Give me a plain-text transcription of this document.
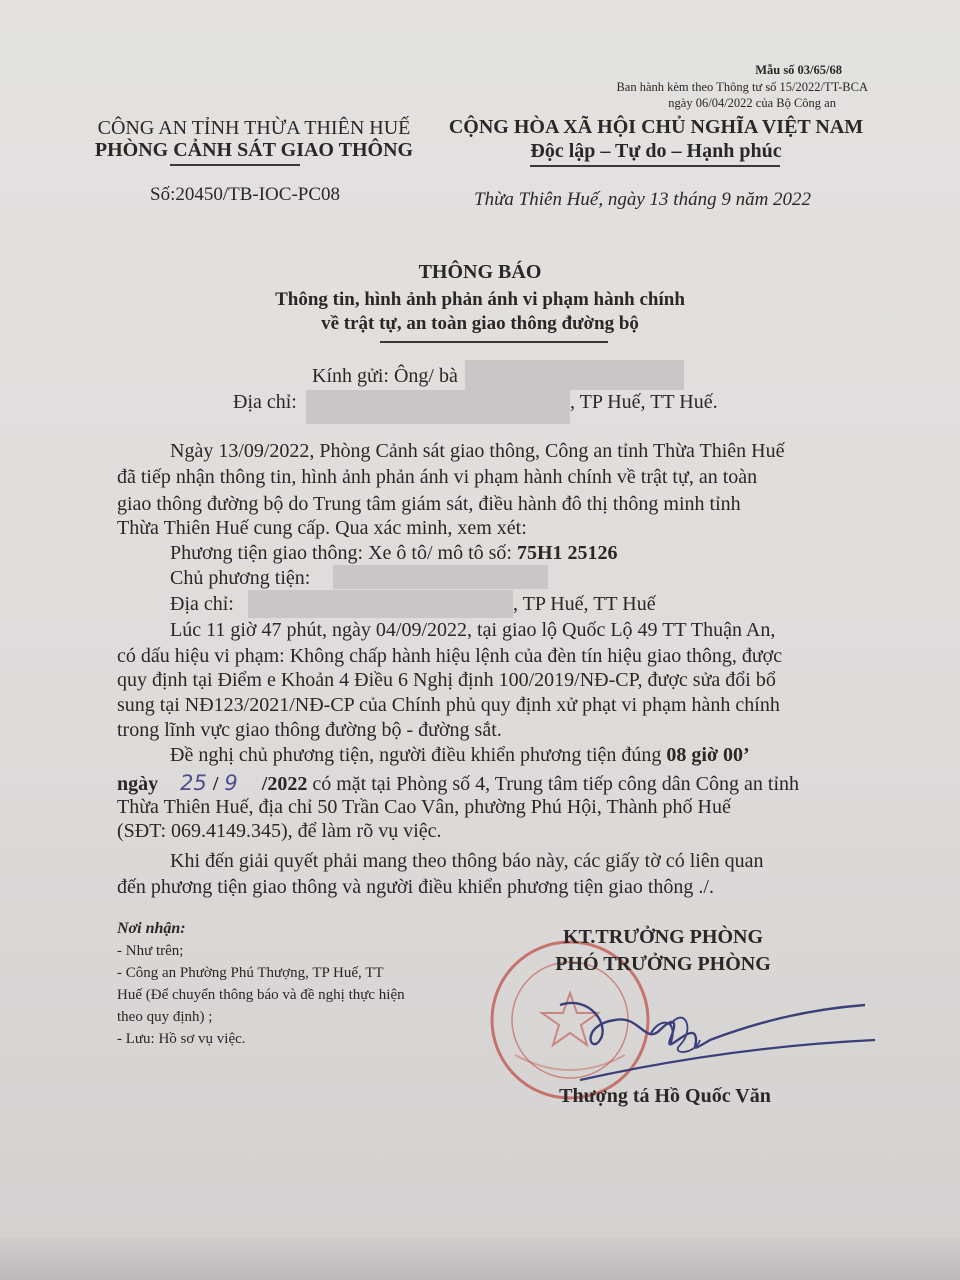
Mẫu số 03/65/68
Ban hành kèm theo Thông tư số 15/2022/TT-BCA
ngày 06/04/2022 của Bộ Công an
CÔNG AN TỈNH THỪA THIÊN HUẾ
PHÒNG CẢNH SÁT GIAO THÔNG
CỘNG HÒA XÃ HỘI CHỦ NGHĨA VIỆT NAM
Độc lập – Tự do – Hạnh phúc
Số:20450/TB-IOC-PC08	Thừa Thiên Huế, ngày 13 tháng 9 năm 2022
THÔNG BÁO
Thông tin, hình ảnh phản ánh vi phạm hành chính
về trật tự, an toàn giao thông đường bộ
Kính gửi: Ông/ bà
Địa chỉ:	, TP Huế, TT Huế.
Ngày 13/09/2022, Phòng Cảnh sát giao thông, Công an tỉnh Thừa Thiên Huế
đã tiếp nhận thông tin, hình ảnh phản ánh vi phạm hành chính về trật tự, an toàn
giao thông đường bộ do Trung tâm giám sát, điều hành đô thị thông minh tỉnh
Thừa Thiên Huế cung cấp. Qua xác minh, xem xét:
Phương tiện giao thông: Xe ô tô/ mô tô số: 75H1 25126
Chủ phương tiện:
Địa chỉ:	, TP Huế, TT Huế
Lúc 11 giờ 47 phút, ngày 04/09/2022, tại giao lộ Quốc Lộ 49 TT Thuận An,
có dấu hiệu vi phạm: Không chấp hành hiệu lệnh của đèn tín hiệu giao thông, được
quy định tại Điểm e Khoản 4 Điều 6 Nghị định 100/2019/NĐ-CP, được sửa đổi bổ
sung tại NĐ123/2021/NĐ-CP của Chính phủ quy định xử phạt vi phạm hành chính
trong lĩnh vực giao thông đường bộ - đường sắt.
Đề nghị chủ phương tiện, người điều khiển phương tiện đúng 08 giờ 00’
ngày 25 / 9 /2022 có mặt tại Phòng số 4, Trung tâm tiếp công dân Công an tỉnh
Thừa Thiên Huế, địa chỉ 50 Trần Cao Vân, phường Phú Hội, Thành phố Huế
(SĐT: 069.4149.345), để làm rõ vụ việc.
Khi đến giải quyết phải mang theo thông báo này, các giấy tờ có liên quan
đến phương tiện giao thông và người điều khiển phương tiện giao thông ./.
Nơi nhận:
- Như trên;
- Công an Phường Phú Thượng, TP Huế, TT
Huế (Để chuyển thông báo và đề nghị thực hiện
theo quy định) ;
- Lưu: Hồ sơ vụ việc.
KT.TRƯỞNG PHÒNG
PHÓ TRƯỞNG PHÒNG
Thượng tá Hồ Quốc Văn
